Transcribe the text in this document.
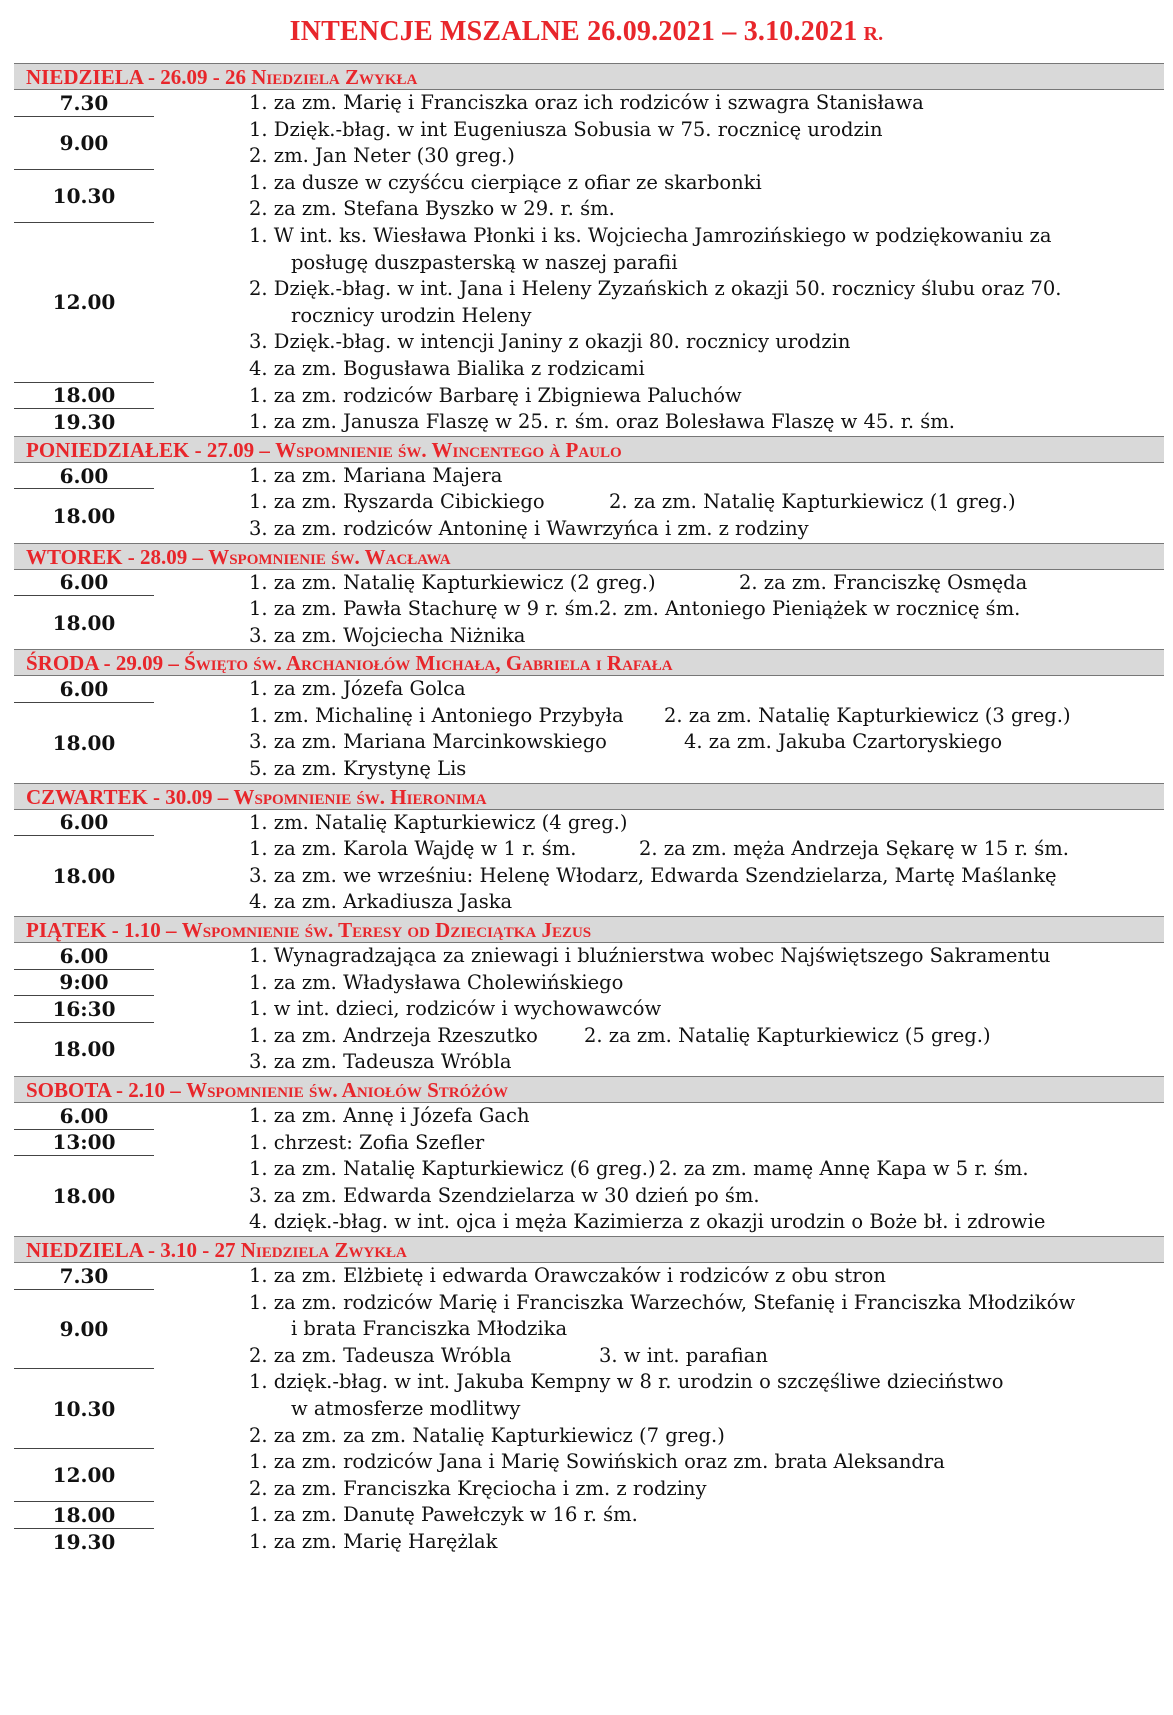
INTENCJE MSZALNE 26.09.2021 – 3.10.2021 R.
NIEDZIELA - 26.09 - 26 Niedziela Zwykła
7.30	1. za zm. Marię i Franciszka oraz ich rodziców i szwagra Stanisława
9.00
1. Dzięk.-błag. w int Eugeniusza Sobusia w 75. rocznicę urodzin
2. zm. Jan Neter (30 greg.)
10.30
1. za dusze w czyśćcu cierpiące z ofiar ze skarbonki
2. za zm. Stefana Byszko w 29. r. śm.
12.00
1. W int. ks. Wiesława Płonki i ks. Wojciecha Jamrozińskiego w podziękowaniu za
posługę duszpasterską w naszej parafii
2. Dzięk.-błag. w int. Jana i Heleny Zyzańskich z okazji 50. rocznicy ślubu oraz 70.
rocznicy urodzin Heleny
3. Dzięk.-błag. w intencji Janiny z okazji 80. rocznicy urodzin
4. za zm. Bogusława Bialika z rodzicami
18.00	1. za zm. rodziców Barbarę i Zbigniewa Paluchów
19.30	1. za zm. Janusza Flaszę w 25. r. śm. oraz Bolesława Flaszę w 45. r. śm.
PONIEDZIAŁEK - 27.09 – Wspomnienie św. Wincentego à Paulo
6.00	1. za zm. Mariana Majera
18.00
1. za zm. Ryszarda Cibickiego	2. za zm. Natalię Kapturkiewicz (1 greg.)
3. za zm. rodziców Antoninę i Wawrzyńca i zm. z rodziny
WTOREK - 28.09 – Wspomnienie św. Wacława
6.00	1. za zm. Natalię Kapturkiewicz (2 greg.)	2. za zm. Franciszkę Osmęda
18.00
1. za zm. Pawła Stachurę w 9 r. śm. 2. zm. Antoniego Pieniążek w rocznicę śm.
3. za zm. Wojciecha Niżnika
ŚRODA - 29.09 – Święto św. Archaniołów Michała, Gabriela i Rafała
6.00	1. za zm. Józefa Golca
18.00
1. zm. Michalinę i Antoniego Przybyła	2. za zm. Natalię Kapturkiewicz (3 greg.)
3. za zm. Mariana Marcinkowskiego	4. za zm. Jakuba Czartoryskiego
5. za zm. Krystynę Lis
CZWARTEK - 30.09 – Wspomnienie św. Hieronima
6.00	1. zm. Natalię Kapturkiewicz (4 greg.)
18.00
1. za zm. Karola Wajdę w 1 r. śm.	2. za zm. męża Andrzeja Sękarę w 15 r. śm.
3. za zm. we wrześniu: Helenę Włodarz, Edwarda Szendzielarza, Martę Maślankę
4. za zm. Arkadiusza Jaska
PIĄTEK - 1.10 – Wspomnienie św. Teresy od Dzieciątka Jezus
6.00	1. Wynagradzająca za zniewagi i bluźnierstwa wobec Najświętszego Sakramentu
9:00	1. za zm. Władysława Cholewińskiego
16:30	1. w int. dzieci, rodziców i wychowawców
18.00
1. za zm. Andrzeja Rzeszutko	2. za zm. Natalię Kapturkiewicz (5 greg.)
3. za zm. Tadeusza Wróbla
SOBOTA - 2.10 – Wspomnienie św. Aniołów Stróżów
6.00	1. za zm. Annę i Józefa Gach
13:00	1. chrzest: Zofia Szefler
18.00
1. za zm. Natalię Kapturkiewicz (6 greg.) 2. za zm. mamę Annę Kapa w 5 r. śm.
3. za zm. Edwarda Szendzielarza w 30 dzień po śm.
4. dzięk.-błag. w int. ojca i męża Kazimierza z okazji urodzin o Boże bł. i zdrowie
NIEDZIELA - 3.10 - 27 Niedziela Zwykła
7.30	1. za zm. Elżbietę i edwarda Orawczaków i rodziców z obu stron
9.00
1. za zm. rodziców Marię i Franciszka Warzechów, Stefanię i Franciszka Młodzików
i brata Franciszka Młodzika
2. za zm. Tadeusza Wróbla	3. w int. parafian
10.30
1. dzięk.-błag. w int. Jakuba Kempny w 8 r. urodzin o szczęśliwe dzieciństwo
w atmosferze modlitwy
2. za zm. za zm. Natalię Kapturkiewicz (7 greg.)
12.00
1. za zm. rodziców Jana i Marię Sowińskich oraz zm. brata Aleksandra
2. za zm. Franciszka Kręciocha i zm. z rodziny
18.00	1. za zm. Danutę Pawełczyk w 16 r. śm.
19.30	1. za zm. Marię Harężlak
